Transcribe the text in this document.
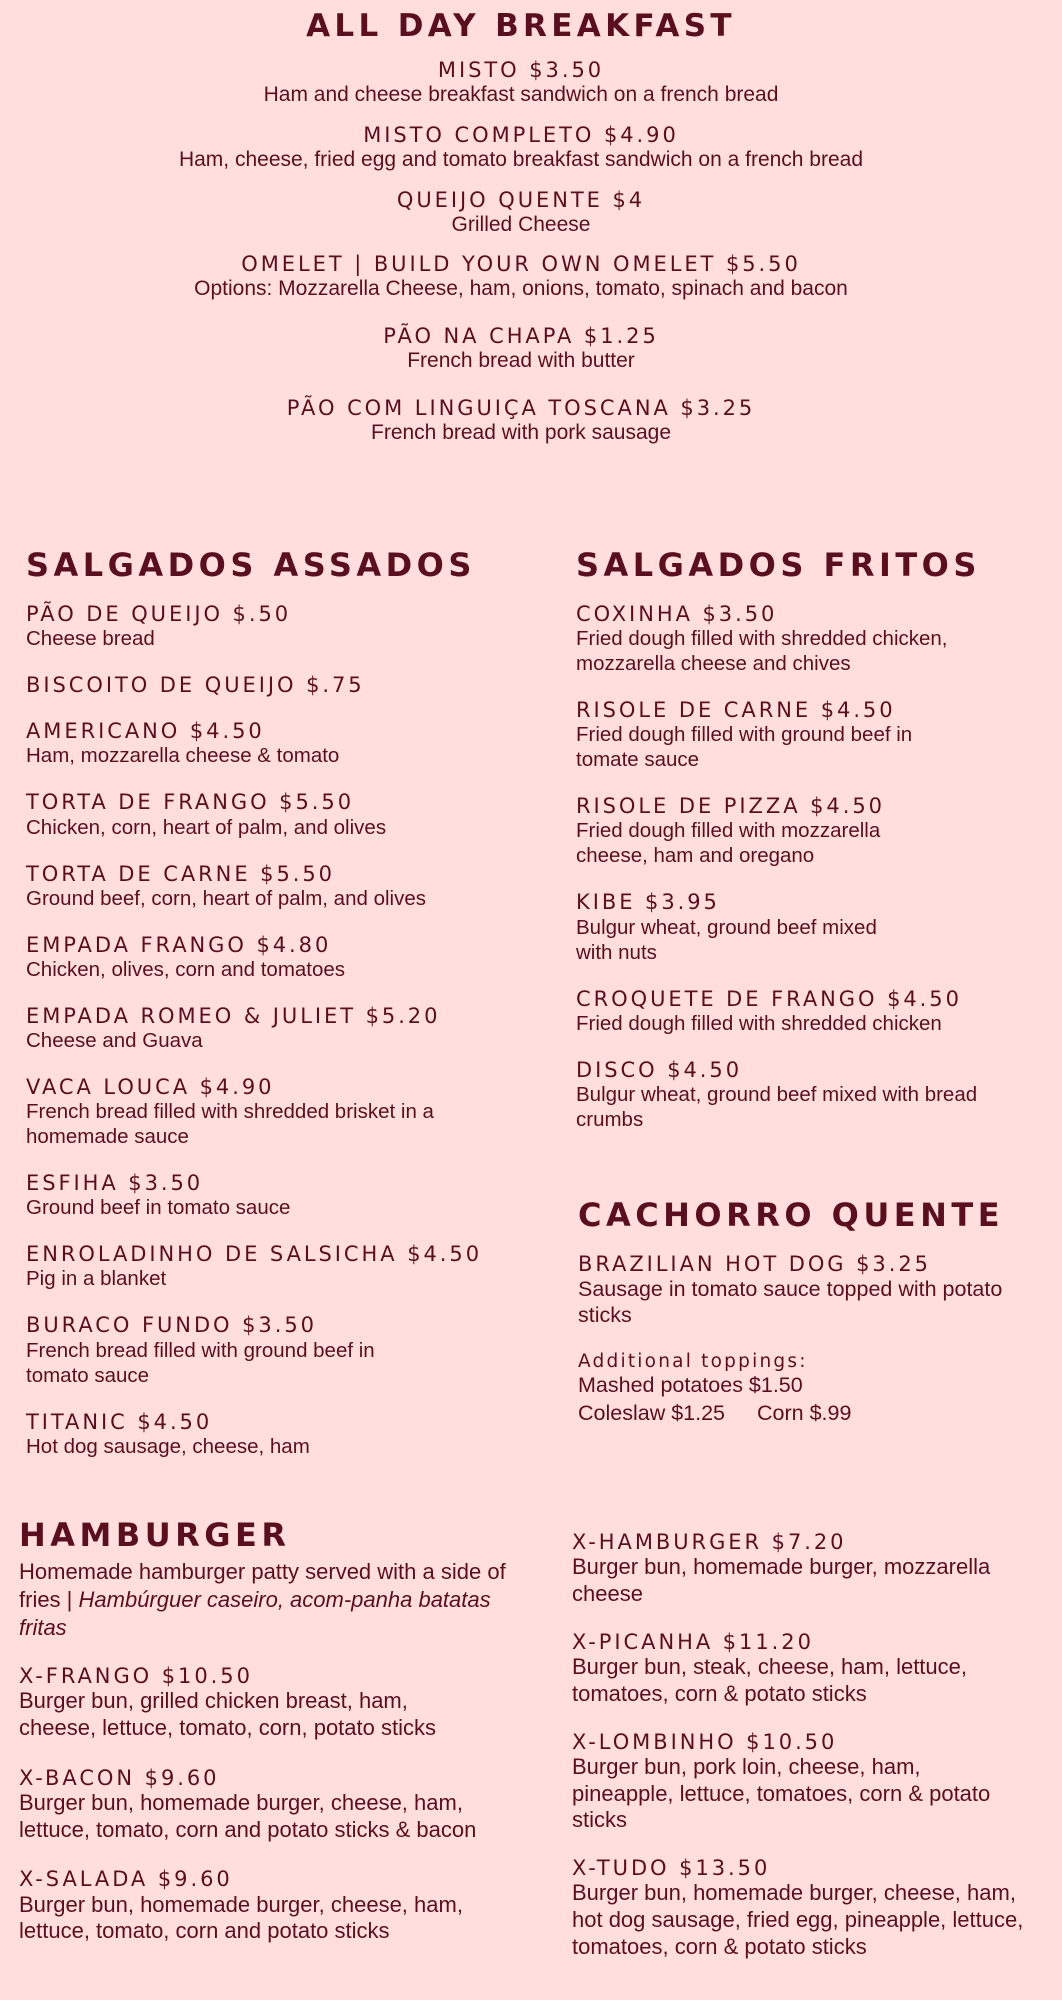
ALL DAY BREAKFAST
MISTO $3.50
Ham and cheese breakfast sandwich on a french bread
MISTO COMPLETO $4.90
Ham, cheese, fried egg and tomato breakfast sandwich on a french bread
QUEIJO QUENTE $4
Grilled Cheese
OMELET | BUILD YOUR OWN OMELET $5.50
Options: Mozzarella Cheese, ham, onions, tomato, spinach and bacon
PÃO NA CHAPA $1.25
French bread with butter
PÃO COM LINGUIÇA TOSCANA $3.25
French bread with pork sausage
SALGADOS ASSADOS
PÃO DE QUEIJO $.50
Cheese bread
BISCOITO DE QUEIJO $.75
AMERICANO $4.50
Ham, mozzarella cheese & tomato
TORTA DE FRANGO $5.50
Chicken, corn, heart of palm, and olives
TORTA DE CARNE $5.50
Ground beef, corn, heart of palm, and olives
EMPADA FRANGO $4.80
Chicken, olives, corn and tomatoes
EMPADA ROMEO & JULIET $5.20
Cheese and Guava
VACA LOUCA $4.90
French bread filled with shredded brisket in a homemade sauce
ESFIHA $3.50
Ground beef in tomato sauce
ENROLADINHO DE SALSICHA $4.50
Pig in a blanket
BURACO FUNDO $3.50
French bread filled with ground beef in tomato sauce
TITANIC $4.50
Hot dog sausage, cheese, ham
SALGADOS FRITOS
COXINHA $3.50
Fried dough filled with shredded chicken, mozzarella cheese and chives
RISOLE DE CARNE $4.50
Fried dough filled with ground beef in tomate sauce
RISOLE DE PIZZA $4.50
Fried dough filled with mozzarella cheese, ham and oregano
KIBE $3.95
Bulgur wheat, ground beef mixed with nuts
CROQUETE DE FRANGO $4.50
Fried dough filled with shredded chicken
DISCO $4.50
Bulgur wheat, ground beef mixed with bread crumbs
CACHORRO QUENTE
BRAZILIAN HOT DOG $3.25
Sausage in tomato sauce topped with potato sticks
Additional toppings:
Mashed potatoes $1.50
Coleslaw $1.25 Corn $.99
HAMBURGER
Homemade hamburger patty served with a side of fries | Hambúrguer caseiro, acom-panha batatas fritas
X-FRANGO $10.50
Burger bun, grilled chicken breast, ham, cheese, lettuce, tomato, corn, potato sticks
X-BACON $9.60
Burger bun, homemade burger, cheese, ham, lettuce, tomato, corn and potato sticks & bacon
X-SALADA $9.60
Burger bun, homemade burger, cheese, ham, lettuce, tomato, corn and potato sticks
X-HAMBURGER $7.20
Burger bun, homemade burger, mozzarella cheese
X-PICANHA $11.20
Burger bun, steak, cheese, ham, lettuce, tomatoes, corn & potato sticks
X-LOMBINHO $10.50
Burger bun, pork loin, cheese, ham, pineapple, lettuce, tomatoes, corn & potato sticks
X-TUDO $13.50
Burger bun, homemade burger, cheese, ham, hot dog sausage, fried egg, pineapple, lettuce, tomatoes, corn & potato sticks
